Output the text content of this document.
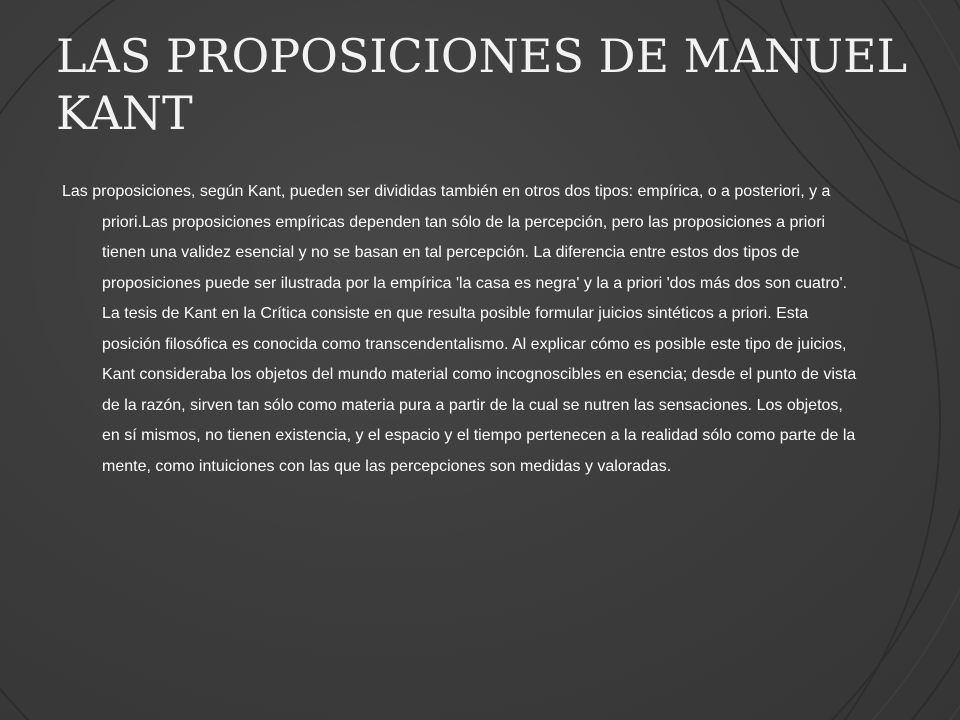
LAS PROPOSICIONES DE MANUEL KANT

Las proposiciones, según Kant, pueden ser divididas también en otros dos tipos: empírica, o a posteriori, y a priori.Las proposiciones empíricas dependen tan sólo de la percepción, pero las proposiciones a priori tienen una validez esencial y no se basan en tal percepción. La diferencia entre estos dos tipos de proposiciones puede ser ilustrada por la empírica 'la casa es negra' y la a priori 'dos más dos son cuatro'. La tesis de Kant en la Crítica consiste en que resulta posible formular juicios sintéticos a priori. Esta posición filosófica es conocida como transcendentalismo. Al explicar cómo es posible este tipo de juicios, Kant consideraba los objetos del mundo material como incognoscibles en esencia; desde el punto de vista de la razón, sirven tan sólo como materia pura a partir de la cual se nutren las sensaciones. Los objetos, en sí mismos, no tienen existencia, y el espacio y el tiempo pertenecen a la realidad sólo como parte de la mente, como intuiciones con las que las percepciones son medidas y valoradas.
